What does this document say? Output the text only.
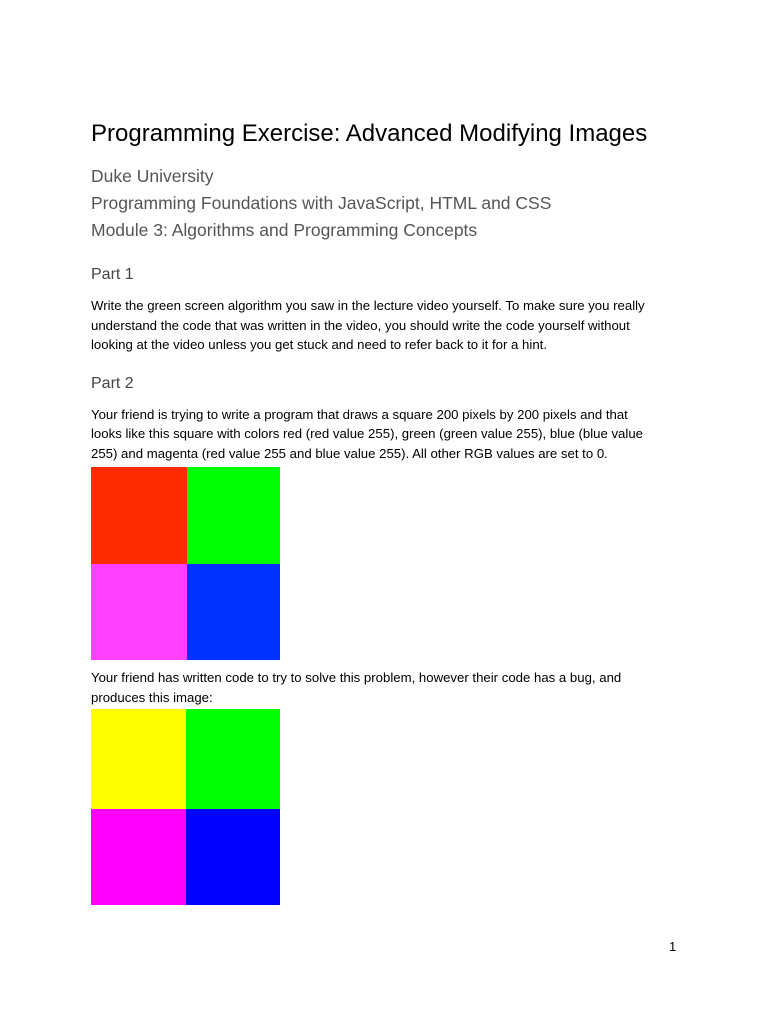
Programming Exercise: Advanced Modifying Images

Duke University

Programming Foundations with JavaScript, HTML and CSS

Module 3: Algorithms and Programming Concepts

Part 1
Write the green screen algorithm you saw in the lecture video yourself. To make sure you really
understand the code that was written in the video, you should write the code yourself without
looking at the video unless you get stuck and need to refer back to it for a hint.
Part 2
Your friend is trying to write a program that draws a square 200 pixels by 200 pixels and that
looks like this square with colors red (red value 255), green (green value 255), blue (blue value
255) and magenta (red value 255 and blue value 255). All other RGB values are set to 0.
Your friend has written code to try to solve this problem, however their code has a bug, and
produces this image:
1
